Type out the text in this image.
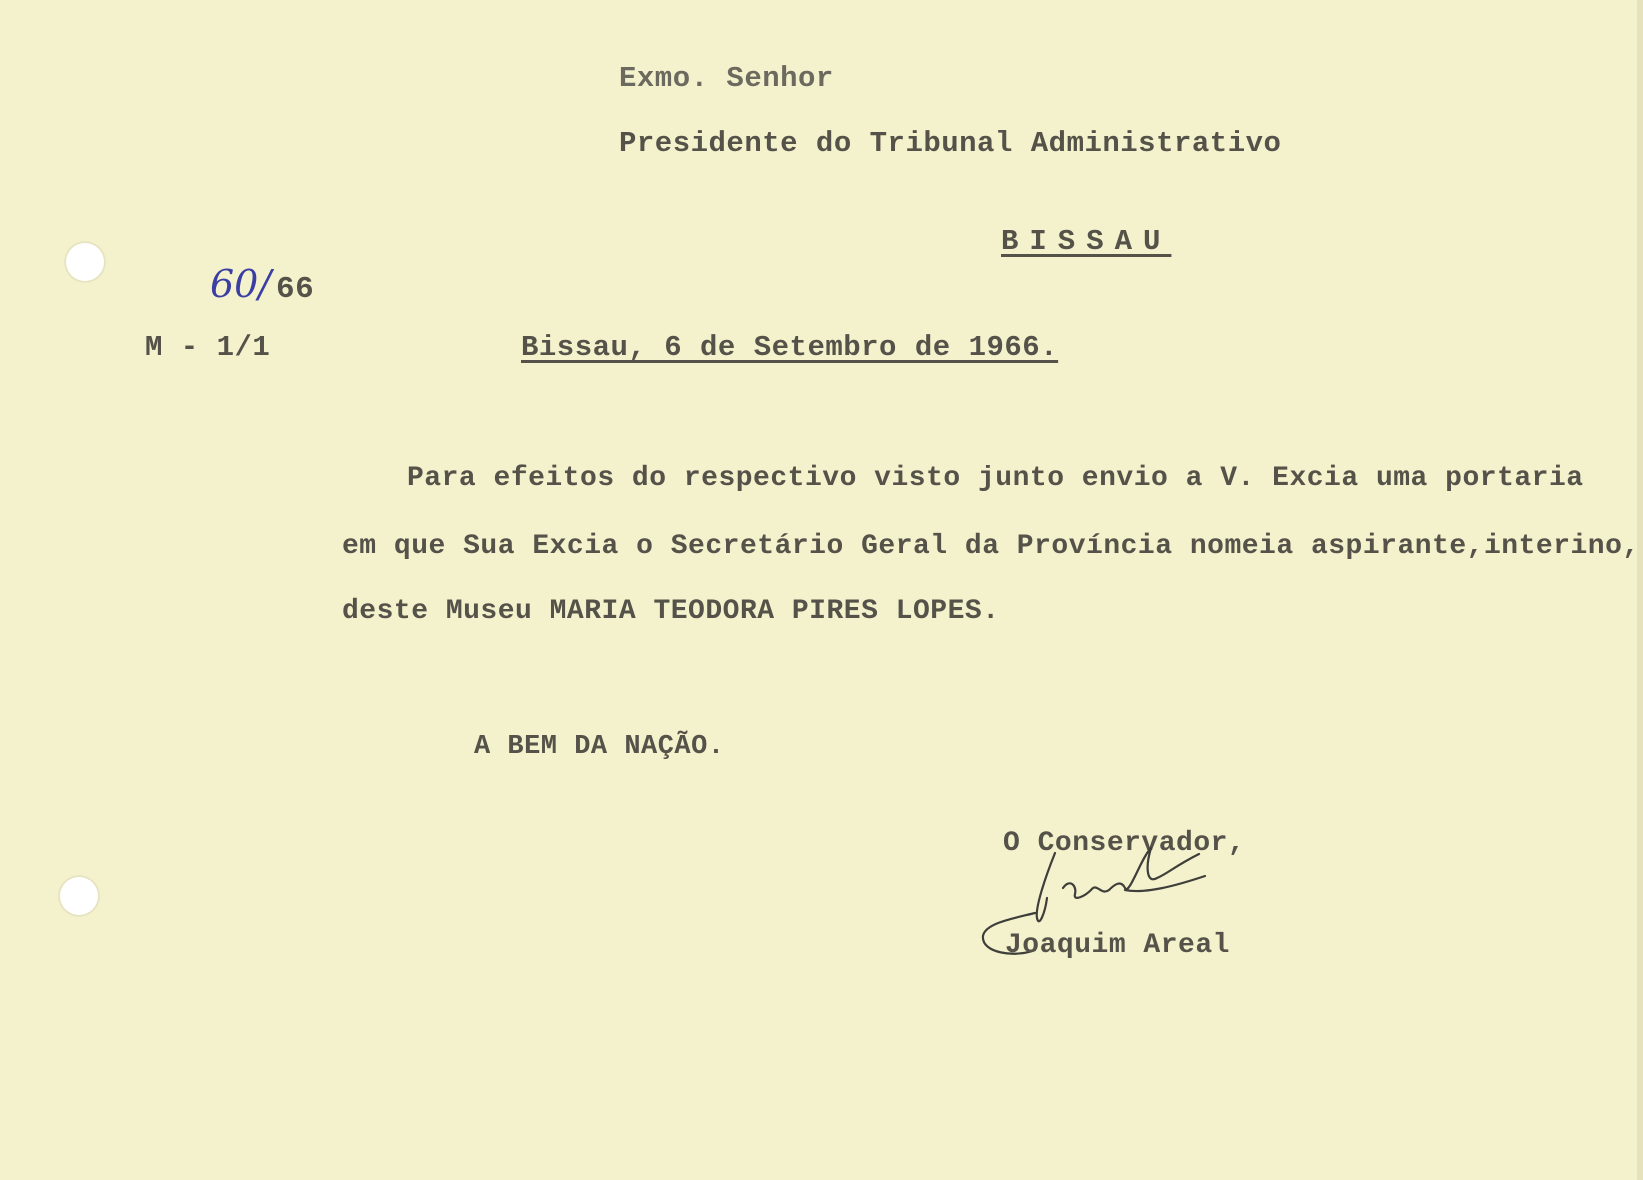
Exmo. Senhor
Presidente do Tribunal Administrativo
BISSAU
60/ 66
M - 1/1	Bissau, 6 de Setembro de 1966.
Para efeitos do respectivo visto junto envio a V. Excia uma portaria
em que Sua Excia o Secretário Geral da Província nomeia aspirante,interino,
deste Museu MARIA TEODORA PIRES LOPES.
A BEM DA NAÇÃO.
O Conservador,
Joaquim Areal
